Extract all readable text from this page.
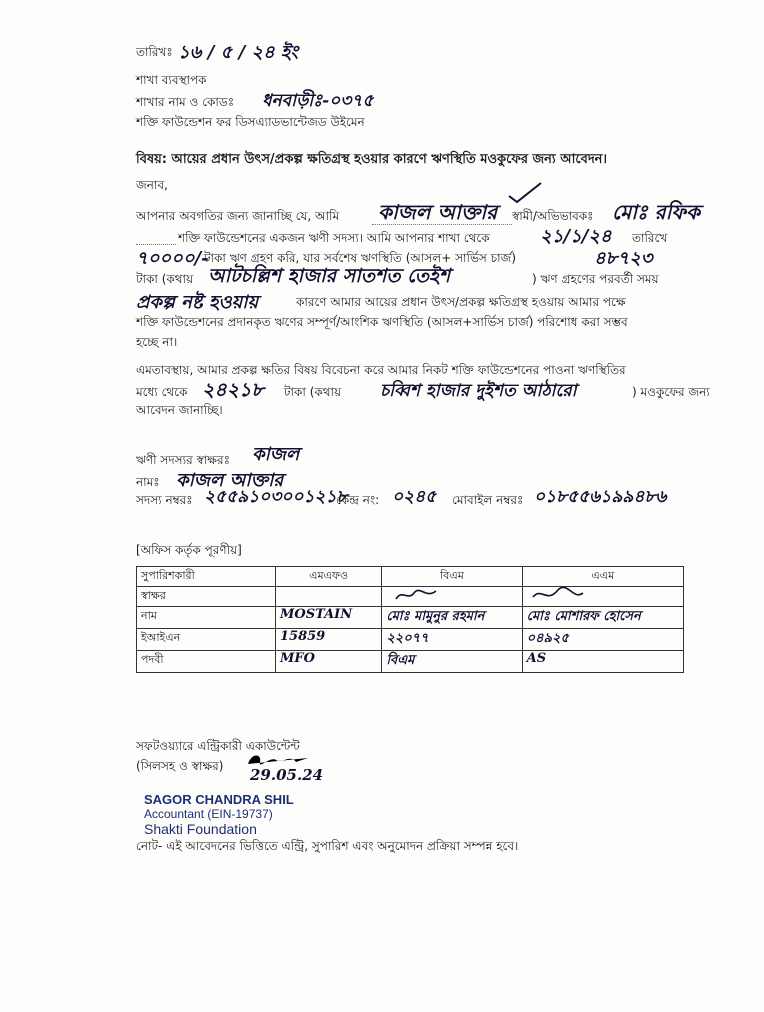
তারিখঃ ১৬ / ৫ / ২৪ ইং
শাখা ব্যবস্থাপক
শাখার নাম ও কোডঃ ধনবাড়ীঃ-০৩৭৫
শক্তি ফাউন্ডেশন ফর ডিসএ্যাডভান্টেজড উইমেন
বিষয়: আয়ের প্রধান উৎস/প্রকল্প ক্ষতিগ্রস্থ হওয়ার কারণে ঋণস্থিতি মওকুফের জন্য আবেদন।
জনাব,
আপনার অবগতির জন্য জানাচ্ছি যে, আমি কাজল আক্তার স্বামী/অভিভাবকঃ মোঃ রফিক
শক্তি ফাউন্ডেশনের একজন ঋণী সদস্য। আমি আপনার শাখা থেকে	২১/১/২৪ তারিখে
৭০০০০/-
টাকা ঋণ গ্রহণ করি, যার সর্বশেষ ঋণস্থিতি (আসল+ সার্ভিস চার্জ)	৪৮৭২৩
টাকা (কথায় আটচল্লিশ হাজার সাতশত তেইশ	) ঋণ গ্রহণের পরবর্তী সময়
প্রকল্প নষ্ট হওয়ায়	কারণে আমার আয়ের প্রধান উৎস/প্রকল্প ক্ষতিগ্রস্থ হওয়ায় আমার পক্ষে
শক্তি ফাউন্ডেশনের প্রদানকৃত ঋণের সম্পূর্ণ/আংশিক ঋণস্থিতি (আসল+সার্ভিস চার্জ) পরিশোধ করা সম্ভব
হচ্ছে না।
এমতাবস্থায়, আমার প্রকল্প ক্ষতির বিষয় বিবেচনা করে আমার নিকট শক্তি ফাউন্ডেশনের পাওনা ঋণস্থিতির
মধ্যে থেকে ২৪২১৮ টাকা (কথায় চব্বিশ হাজার দুইশত আঠারো	) মওকুফের জন্য
আবেদন জানাচ্ছি।
ঋণী সদস্যর স্বাক্ষরঃ কাজল
নামঃ কাজল আক্তার
সদস্য নম্বরঃ ২৫৫৯১০৩০০১২১৮
কেন্দ্র নং: ০২৪৫ মোবাইল নম্বরঃ ০১৮৫৫৬১৯৯৪৮৬
[অফিস কর্তৃক পূরণীয়]
সুপারিশকারী	এমএফও	বিএম	এএম
স্বাক্ষর			
নাম	MOSTAIN	মোঃ মামুনুর রহমান	মোঃ মোশারফ হোসেন
ইআইএন	15859	২২০৭৭	০৪৯২৫
পদবী	MFO	বিএম	AS
সফটওয়্যারে এন্ট্রিকারী একাউন্টেন্ট
(সিলসহ ও স্বাক্ষর) 29.05.24
SAGOR CHANDRA SHIL
Accountant (EIN-19737)
Shakti Foundation
নোট- এই আবেদনের ভিত্তিতে এন্ট্রি, সুপারিশ এবং অনুমোদন প্রক্রিয়া সম্পন্ন হবে।
